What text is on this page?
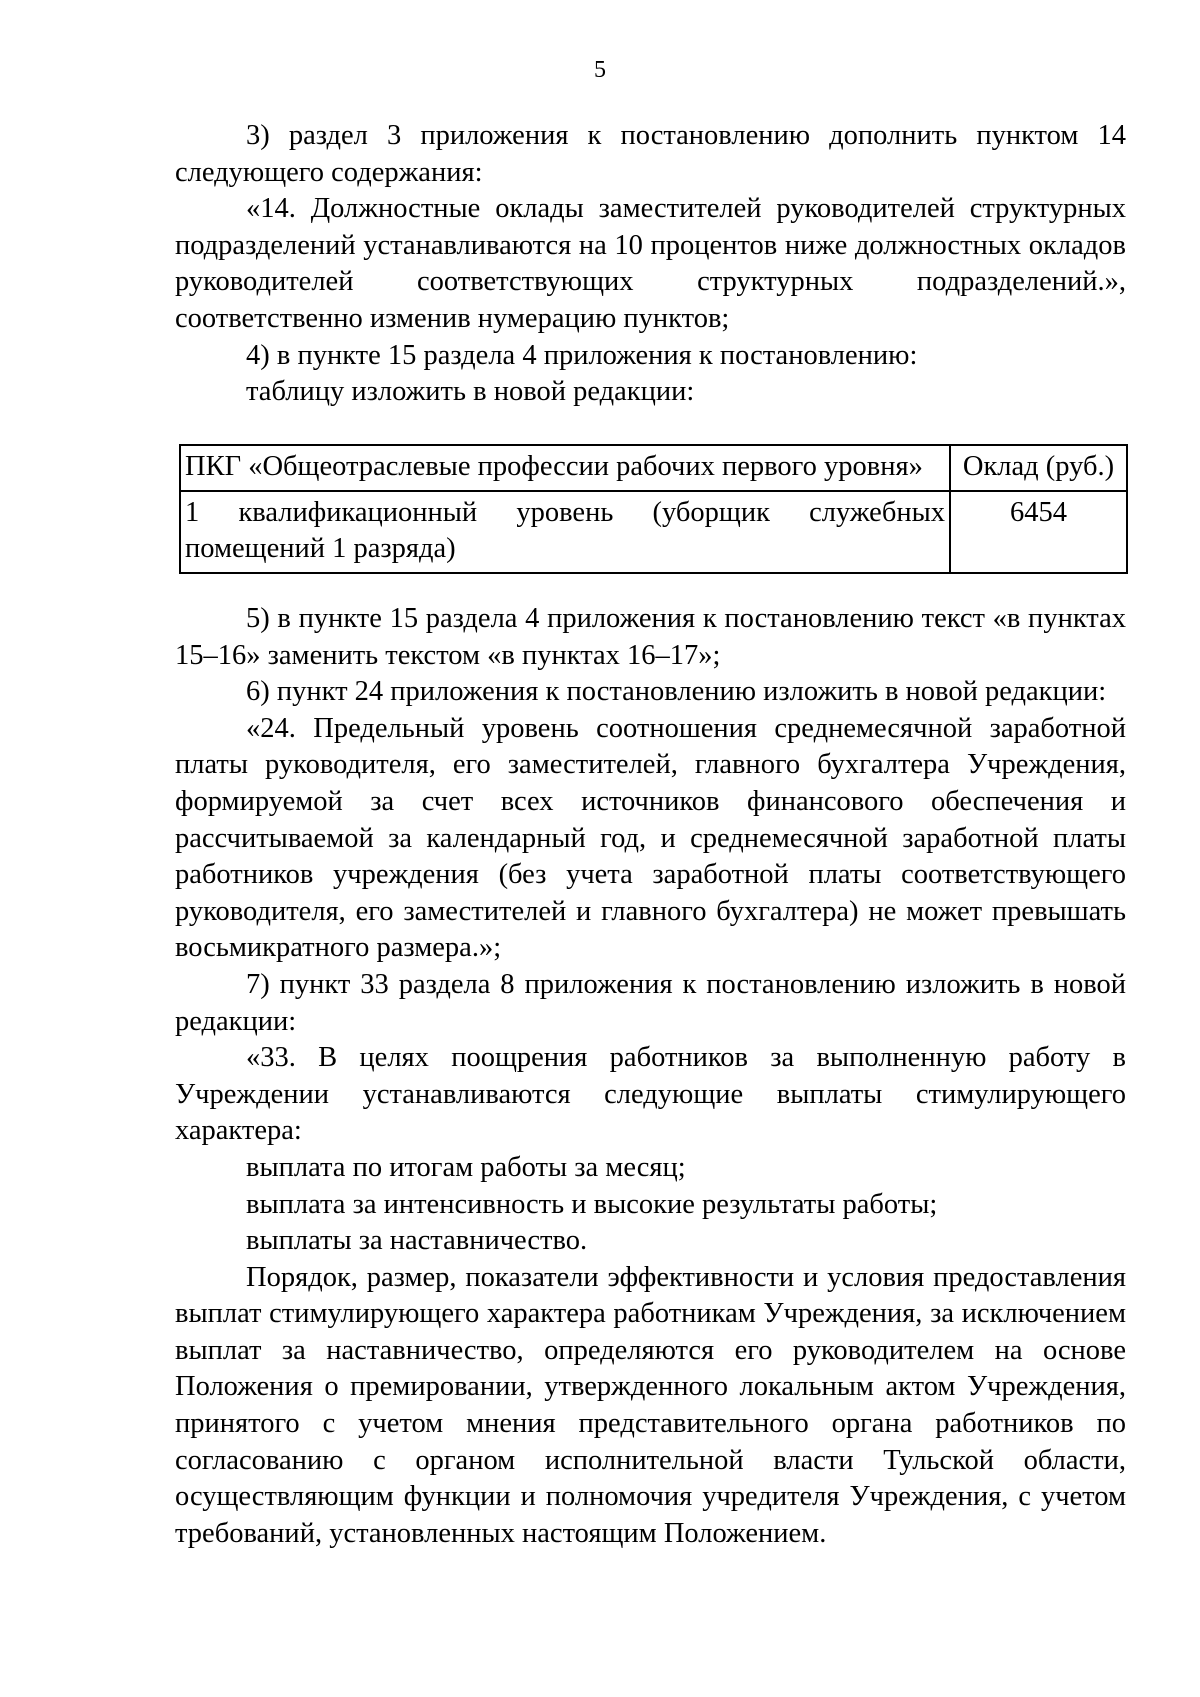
5

3) раздел 3 приложения к постановлению дополнить пунктом 14 следующего содержания:

«14. Должностные оклады заместителей руководителей структурных подразделений устанавливаются на 10 процентов ниже должностных окладов руководителей соответствующих структурных подразделений.», соответственно изменив нумерацию пунктов;

4) в пункте 15 раздела 4 приложения к постановлению:

таблицу изложить в новой редакции:

ПКГ «Общеотраслевые профессии рабочих первого уровня»	Оклад (руб.)
1 квалификационный уровень (уборщик служебных помещений 1 разряда)	6454

5) в пункте 15 раздела 4 приложения к постановлению текст «в пунктах 15–16» заменить текстом «в пунктах 16–17»;

6) пункт 24 приложения к постановлению изложить в новой редакции:

«24. Предельный уровень соотношения среднемесячной заработной платы руководителя, его заместителей, главного бухгалтера Учреждения, формируемой за счет всех источников финансового обеспечения и рассчитываемой за календарный год, и среднемесячной заработной платы работников учреждения (без учета заработной платы соответствующего руководителя, его заместителей и главного бухгалтера) не может превышать восьмикратного размера.»;

7) пункт 33 раздела 8 приложения к постановлению изложить в новой редакции:

«33. В целях поощрения работников за выполненную работу в Учреждении устанавливаются следующие выплаты стимулирующего характера:

выплата по итогам работы за месяц;

выплата за интенсивность и высокие результаты работы;

выплаты за наставничество.

Порядок, размер, показатели эффективности и условия предоставления выплат стимулирующего характера работникам Учреждения, за исключением выплат за наставничество, определяются его руководителем на основе Положения о премировании, утвержденного локальным актом Учреждения, принятого с учетом мнения представительного органа работников по согласованию с органом исполнительной власти Тульской области, осуществляющим функции и полномочия учредителя Учреждения, с учетом требований, установленных настоящим Положением.
